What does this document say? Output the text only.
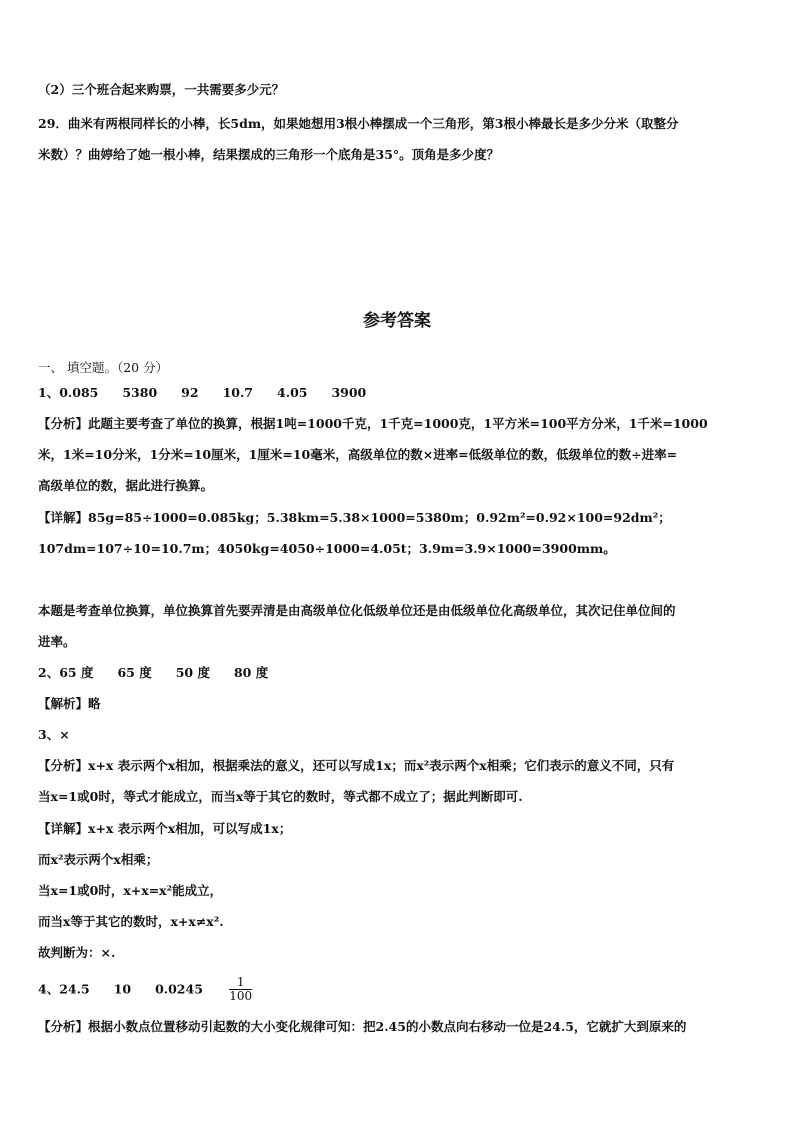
（2）三个班合起来购票，一共需要多少元？
29．曲米有两根同样长的小棒，长5dm，如果她想用3根小棒摆成一个三角形，第3根小棒最长是多少分米（取整分
米数）？曲婷给了她一根小棒，结果摆成的三角形一个底角是35°。顶角是多少度？
参考答案
一、 填空题。（20 分）
1、0.085 5380 92 10.7 4.05 3900
【分析】此题主要考查了单位的换算，根据1吨=1000千克，1千克=1000克，1平方米=100平方分米，1千米=1000
米，1米=10分米，1分米=10厘米，1厘米=10毫米，高级单位的数×进率=低级单位的数，低级单位的数÷进率=
高级单位的数，据此进行换算。
【详解】85g=85÷1000=0.085kg；5.38km=5.38×1000=5380m；0.92m²=0.92×100=92dm²；
107dm=107÷10=10.7m；4050kg=4050÷1000=4.05t；3.9m=3.9×1000=3900mm。
本题是考查单位换算，单位换算首先要弄清是由高级单位化低级单位还是由低级单位化高级单位，其次记住单位间的
进率。
2、65 度 65 度 50 度 80 度
【解析】略
3、×
【分析】x+x 表示两个x相加，根据乘法的意义，还可以写成1x；而x²表示两个x相乘；它们表示的意义不同，只有
当x=1或0时，等式才能成立，而当x等于其它的数时，等式都不成立了；据此判断即可.
【详解】x+x 表示两个x相加，可以写成1x；
而x²表示两个x相乘；
当x=1或0时，x+x=x²能成立，
而当x等于其它的数时，x+x≠x².
故判断为：×.
4、24.5 10 $0.0245 \frac{1}{100}$
【分析】根据小数点位置移动引起数的大小变化规律可知：把2.45的小数点向右移动一位是24.5，它就扩大到原来的
